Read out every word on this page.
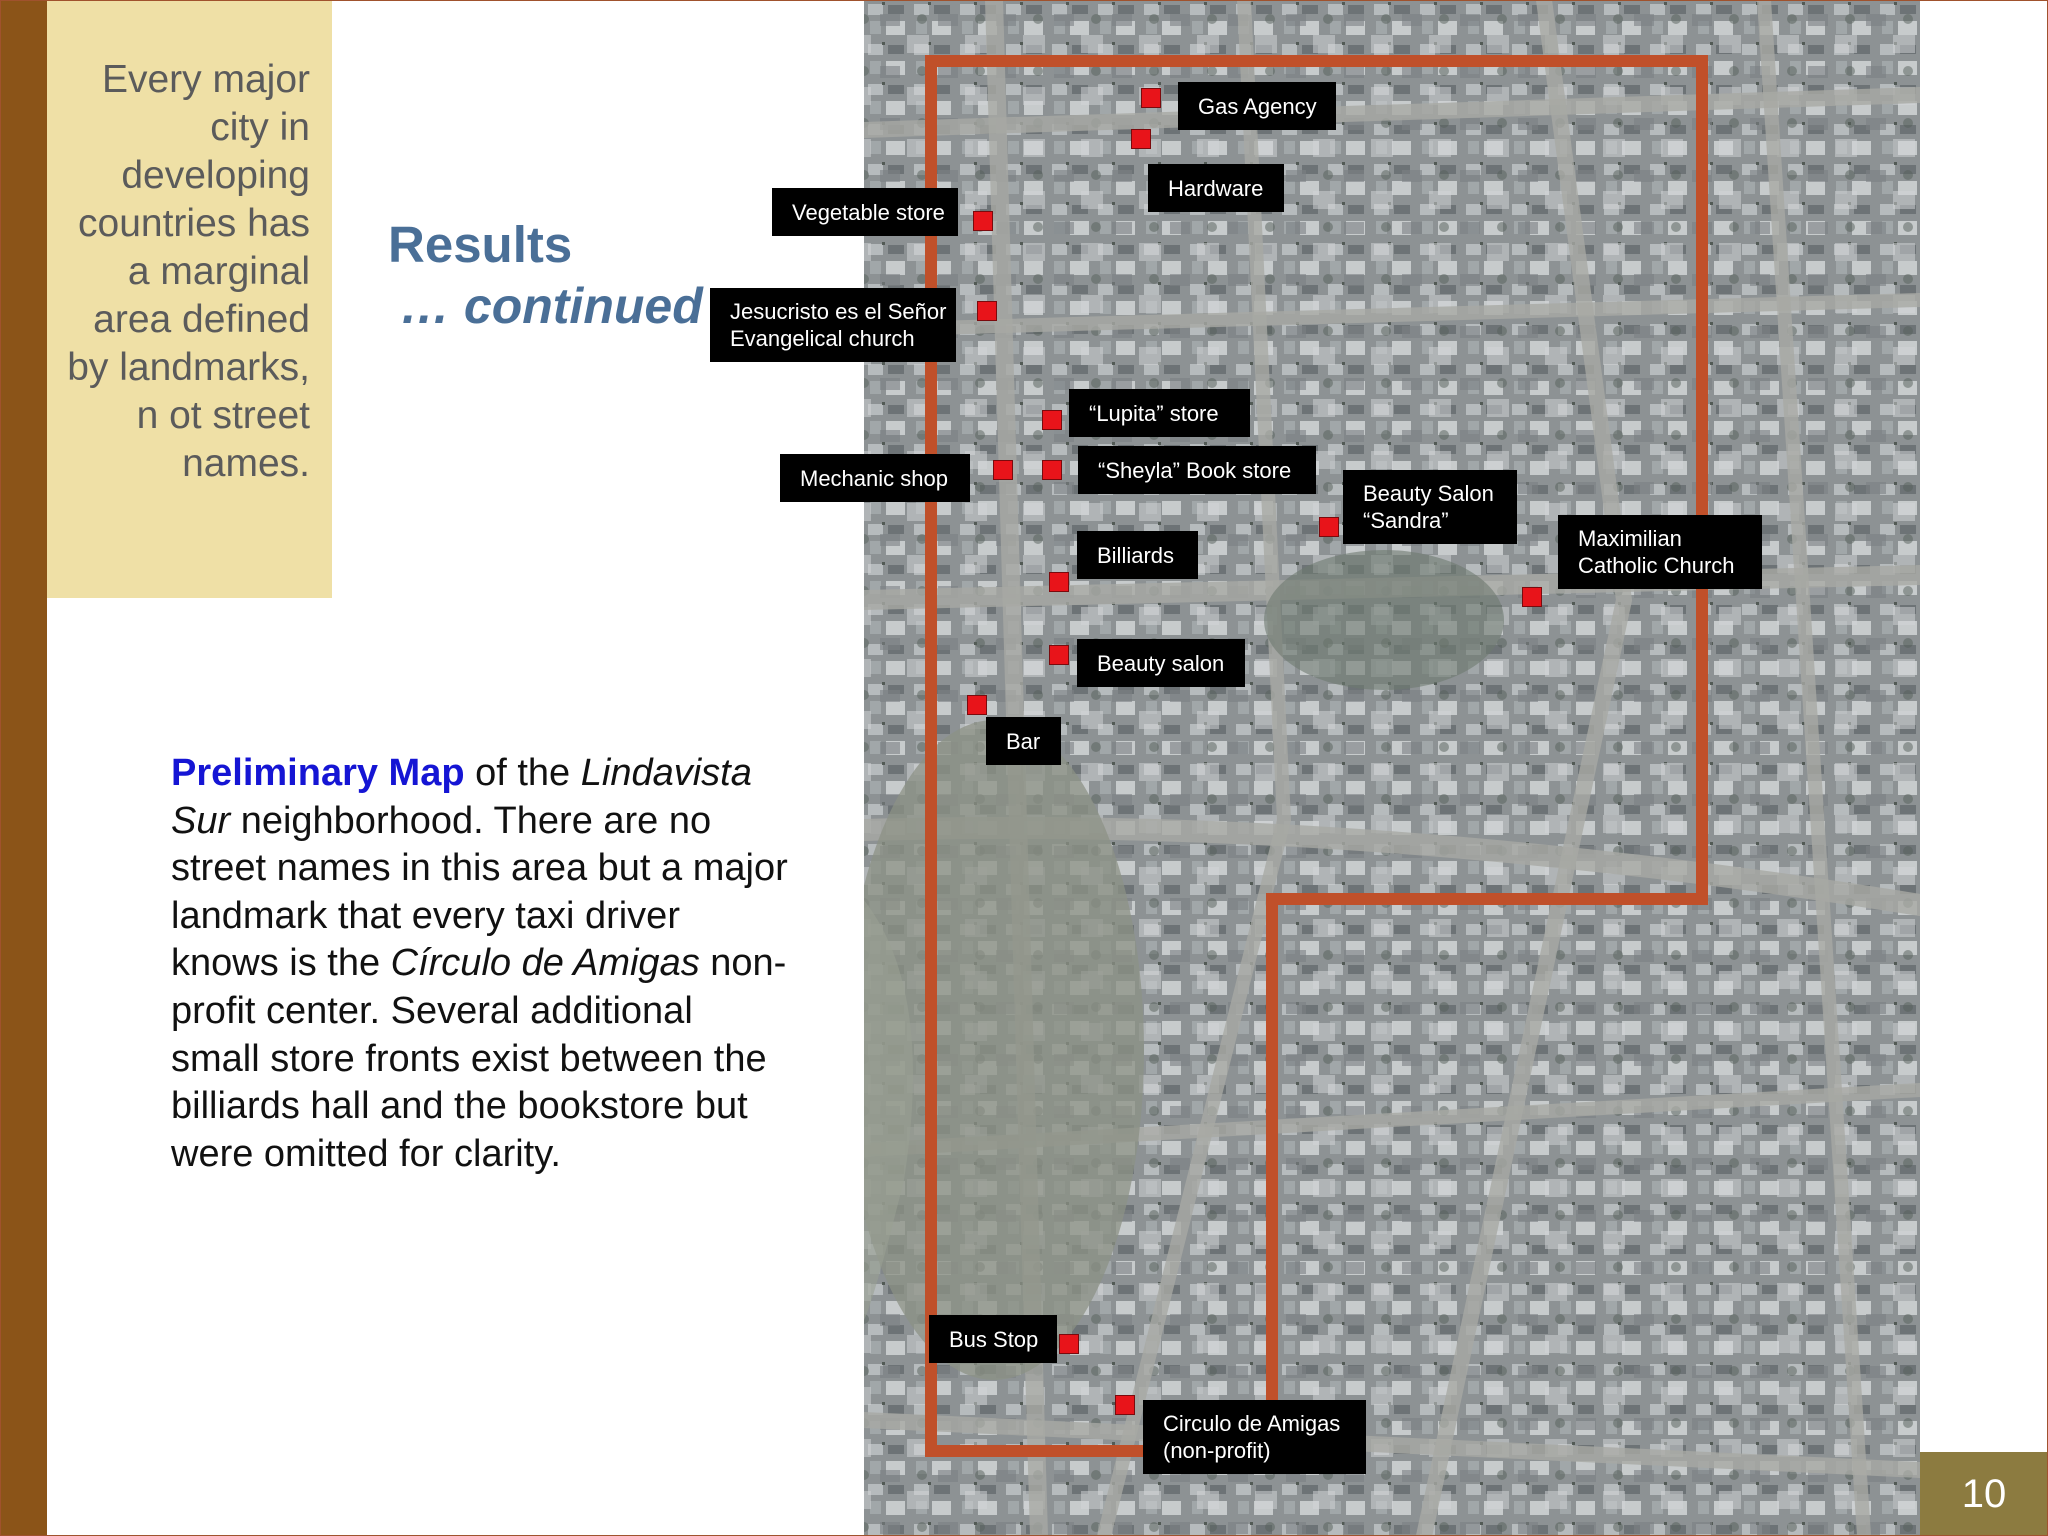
Every major city in developing countries has a marginal area defined by landmarks, n ot street names.
Results
… continued
Preliminary Map of the Lindavista Sur neighborhood. There are no street names in this area but a major landmark that every taxi driver knows is the Círculo de Amigas non-profit center. Several additional small store fronts exist between the billiards hall and the bookstore but were omitted for clarity.
Gas Agency
Hardware
Vegetable store
Jesucristo es el Señor
Evangelical church
“Lupita” store
Mechanic shop	“Sheyla” Book store
Beauty Salon
“Sandra”
Maximilian
Catholic Church
Billiards
Beauty salon
Bar
Bus Stop
Circulo de Amigas
(non-profit)
10
